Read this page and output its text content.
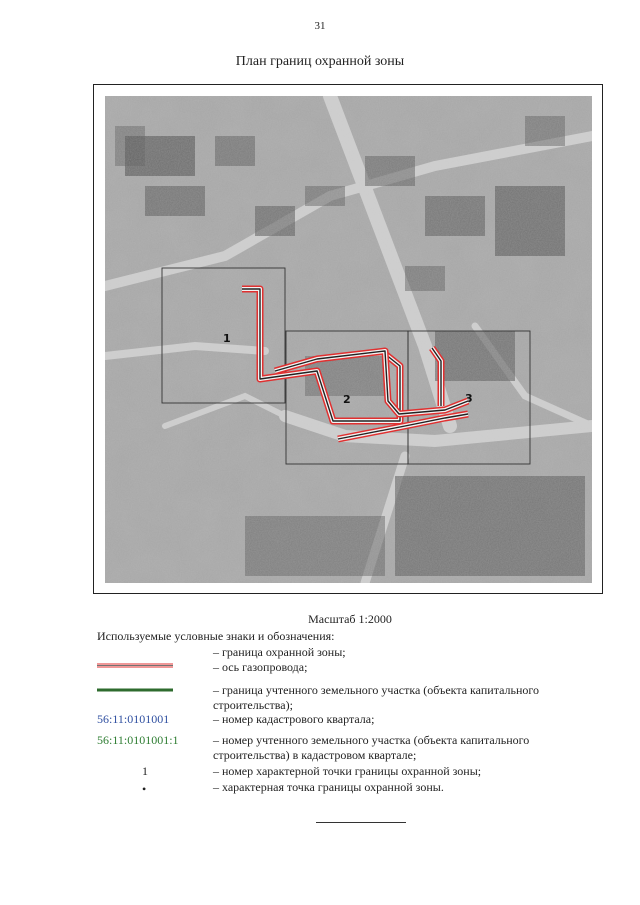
31
План границ охранной зоны
1
2	3
Масштаб 1:2000
Используемые условные знаки и обозначения:
– граница охранной зоны;
– ось газопровода;
– граница учтенного земельного участка (объекта капитального строительства);
56:11:0101001	– номер кадастрового квартала;
56:11:0101001:1	– номер учтенного земельного участка (объекта капитального строительства) в кадастровом квартале;
1	– номер характерной точки границы охранной зоны;
•	– характерная точка границы охранной зоны.
